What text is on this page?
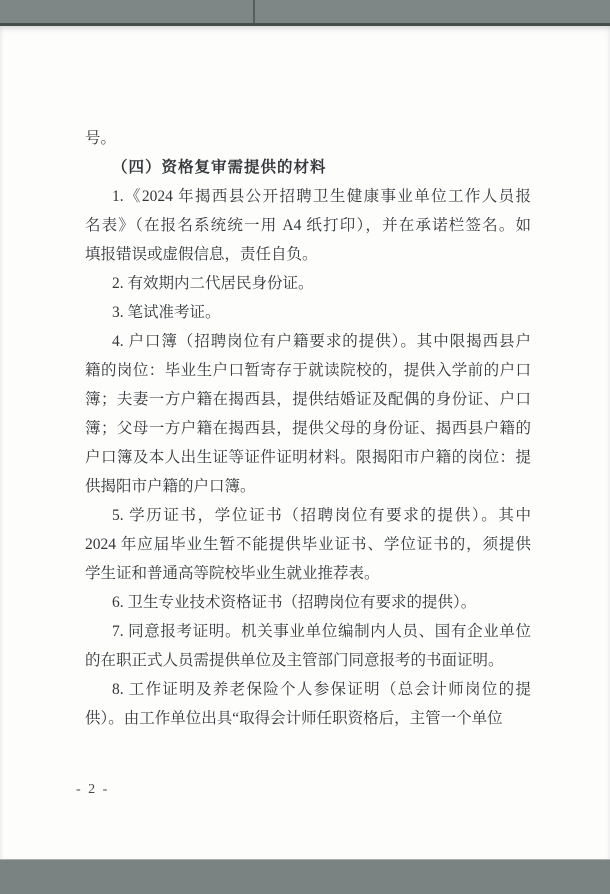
号。
（四）资格复审需提供的材料
1.《2024 年揭西县公开招聘卫生健康事业单位工作人员报
名表》（在报名系统统一用 A4 纸打印），并在承诺栏签名。如
填报错误或虚假信息，责任自负。
2. 有效期内二代居民身份证。
3. 笔试准考证。
4. 户口簿（招聘岗位有户籍要求的提供）。其中限揭西县户
籍的岗位：毕业生户口暂寄存于就读院校的，提供入学前的户口
簿；夫妻一方户籍在揭西县，提供结婚证及配偶的身份证、户口
簿；父母一方户籍在揭西县，提供父母的身份证、揭西县户籍的
户口簿及本人出生证等证件证明材料。限揭阳市户籍的岗位：提
供揭阳市户籍的户口簿。
5. 学历证书，学位证书（招聘岗位有要求的提供）。其中
2024 年应届毕业生暂不能提供毕业证书、学位证书的，须提供
学生证和普通高等院校毕业生就业推荐表。
6. 卫生专业技术资格证书（招聘岗位有要求的提供）。
7. 同意报考证明。机关事业单位编制内人员、国有企业单位
的在职正式人员需提供单位及主管部门同意报考的书面证明。
8. 工作证明及养老保险个人参保证明（总会计师岗位的提
供）。由工作单位出具“取得会计师任职资格后，主管一个单位
- 2 -
